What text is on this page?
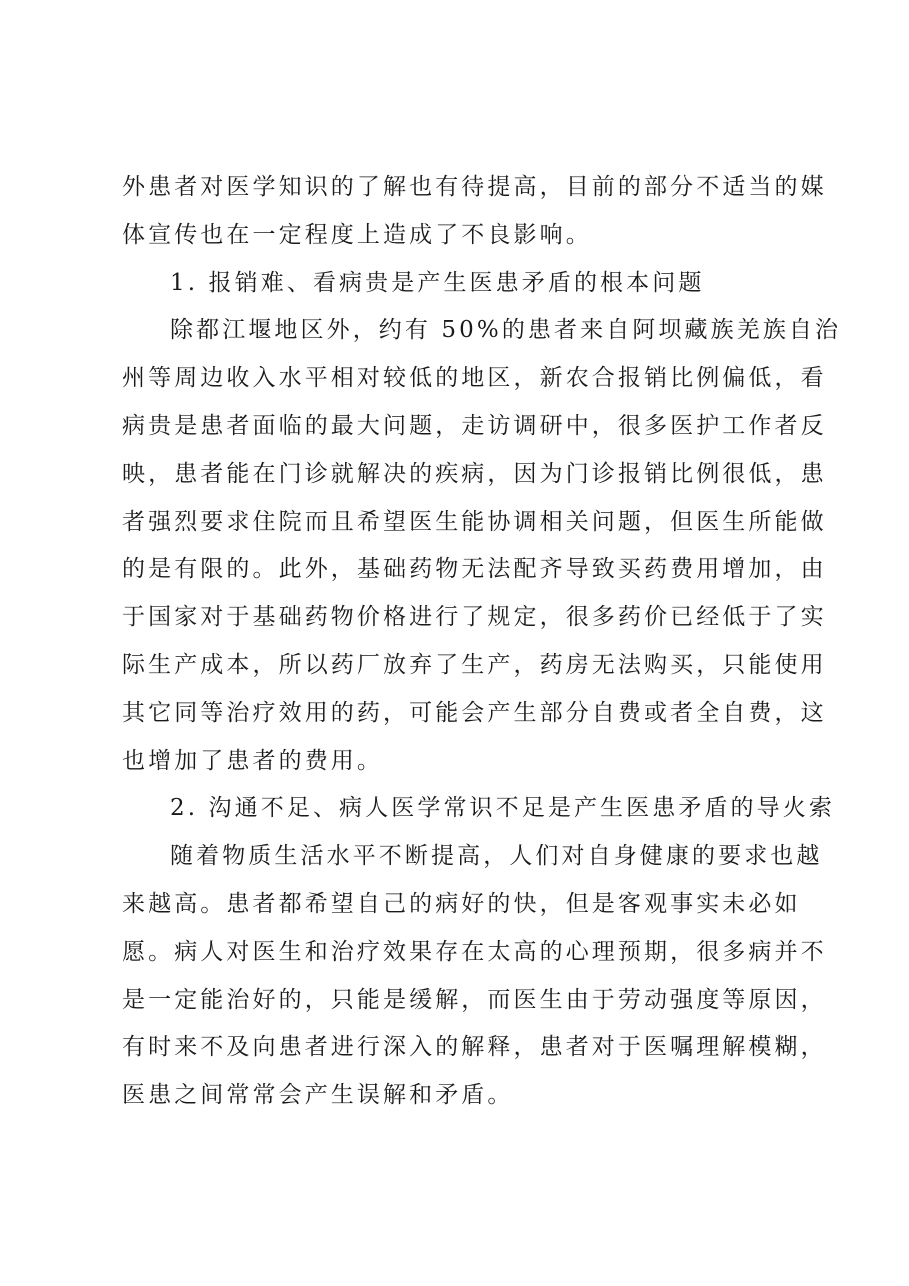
外患者对医学知识的了解也有待提高，目前的部分不适当的媒
体宣传也在一定程度上造成了不良影响。
1. 报销难、看病贵是产生医患矛盾的根本问题
除都江堰地区外，约有 50%的患者来自阿坝藏族羌族自治
州等周边收入水平相对较低的地区，新农合报销比例偏低，看
病贵是患者面临的最大问题，走访调研中，很多医护工作者反
映，患者能在门诊就解决的疾病，因为门诊报销比例很低，患
者强烈要求住院而且希望医生能协调相关问题，但医生所能做
的是有限的。此外，基础药物无法配齐导致买药费用增加，由
于国家对于基础药物价格进行了规定，很多药价已经低于了实
际生产成本，所以药厂放弃了生产，药房无法购买，只能使用
其它同等治疗效用的药，可能会产生部分自费或者全自费，这
也增加了患者的费用。
2. 沟通不足、病人医学常识不足是产生医患矛盾的导火索
随着物质生活水平不断提高，人们对自身健康的要求也越
来越高。患者都希望自己的病好的快，但是客观事实未必如
愿。病人对医生和治疗效果存在太高的心理预期，很多病并不
是一定能治好的，只能是缓解，而医生由于劳动强度等原因，
有时来不及向患者进行深入的解释，患者对于医嘱理解模糊，
医患之间常常会产生误解和矛盾。
